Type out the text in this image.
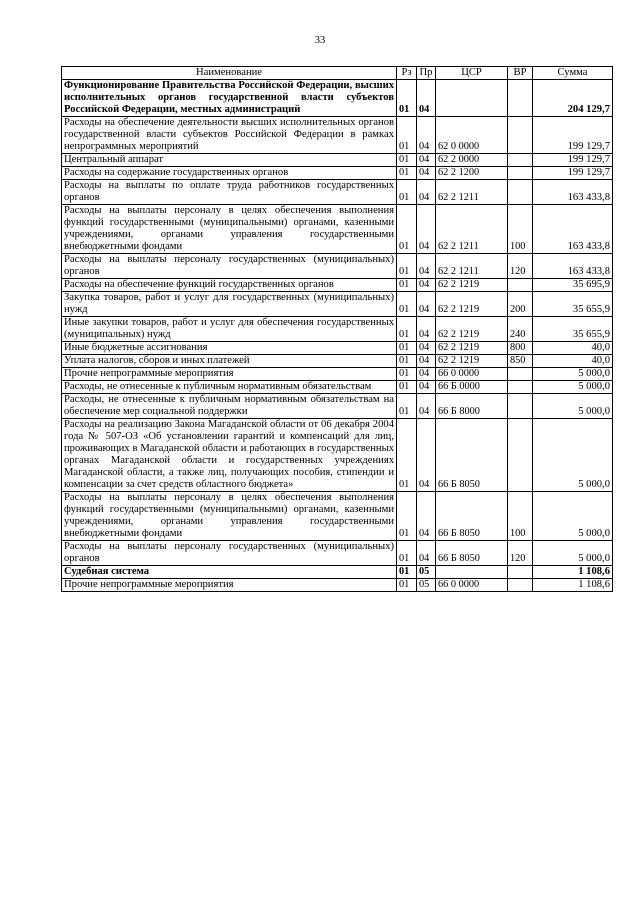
33
Наименование	Рз	Пр	ЦСР	ВР	Сумма
Функционирование Правительства Российской Федерации, высших исполнительных органов государственной власти субъектов Российской Федерации, местных администраций	01	04			204 129,7
Расходы на обеспечение деятельности высших исполнительных органов государственной власти субъектов Российской Федерации в рамках непрограммных мероприятий	01	04	62 0 0000		199 129,7
Центральный аппарат	01	04	62 2 0000		199 129,7
Расходы на содержание государственных органов	01	04	62 2 1200		199 129,7
Расходы на выплаты по оплате труда работников государственных органов	01	04	62 2 1211		163 433,8
Расходы на выплаты персоналу в целях обеспечения выполнения функций государственными (муниципальными) органами, казенными учреждениями, органами управления государственными внебюджетными фондами	01	04	62 2 1211	100	163 433,8
Расходы на выплаты персоналу государственных (муниципальных) органов	01	04	62 2 1211	120	163 433,8
Расходы на обеспечение функций государственных органов	01	04	62 2 1219		35 695,9
Закупка товаров, работ и услуг для государственных (муниципальных) нужд	01	04	62 2 1219	200	35 655,9
Иные закупки товаров, работ и услуг для обеспечения государственных (муниципальных) нужд	01	04	62 2 1219	240	35 655,9
Иные бюджетные ассигнования	01	04	62 2 1219	800	40,0
Уплата налогов, сборов и иных платежей	01	04	62 2 1219	850	40,0
Прочие непрограммные мероприятия	01	04	66 0 0000		5 000,0
Расходы, не отнесенные к публичным нормативным обязательствам	01	04	66 Б 0000		5 000,0
Расходы, не отнесенные к публичным нормативным обязательствам на обеспечение мер социальной поддержки	01	04	66 Б 8000		5 000,0
Расходы на реализацию Закона Магаданской области от 06 декабря 2004 года № 507-ОЗ «Об установлении гарантий и компенсаций для лиц, проживающих в Магаданской области и работающих в государственных органах Магаданской области и государственных учреждениях Магаданской области, а также лиц, получающих пособия, стипендии и компенсации за счет средств областного бюджета»	01	04	66 Б 8050		5 000,0
Расходы на выплаты персоналу в целях обеспечения выполнения функций государственными (муниципальными) органами, казенными учреждениями, органами управления государственными внебюджетными фондами	01	04	66 Б 8050	100	5 000,0
Расходы на выплаты персоналу государственных (муниципальных) органов	01	04	66 Б 8050	120	5 000,0
Судебная система	01	05			1 108,6
Прочие непрограммные мероприятия	01	05	66 0 0000		1 108,6
